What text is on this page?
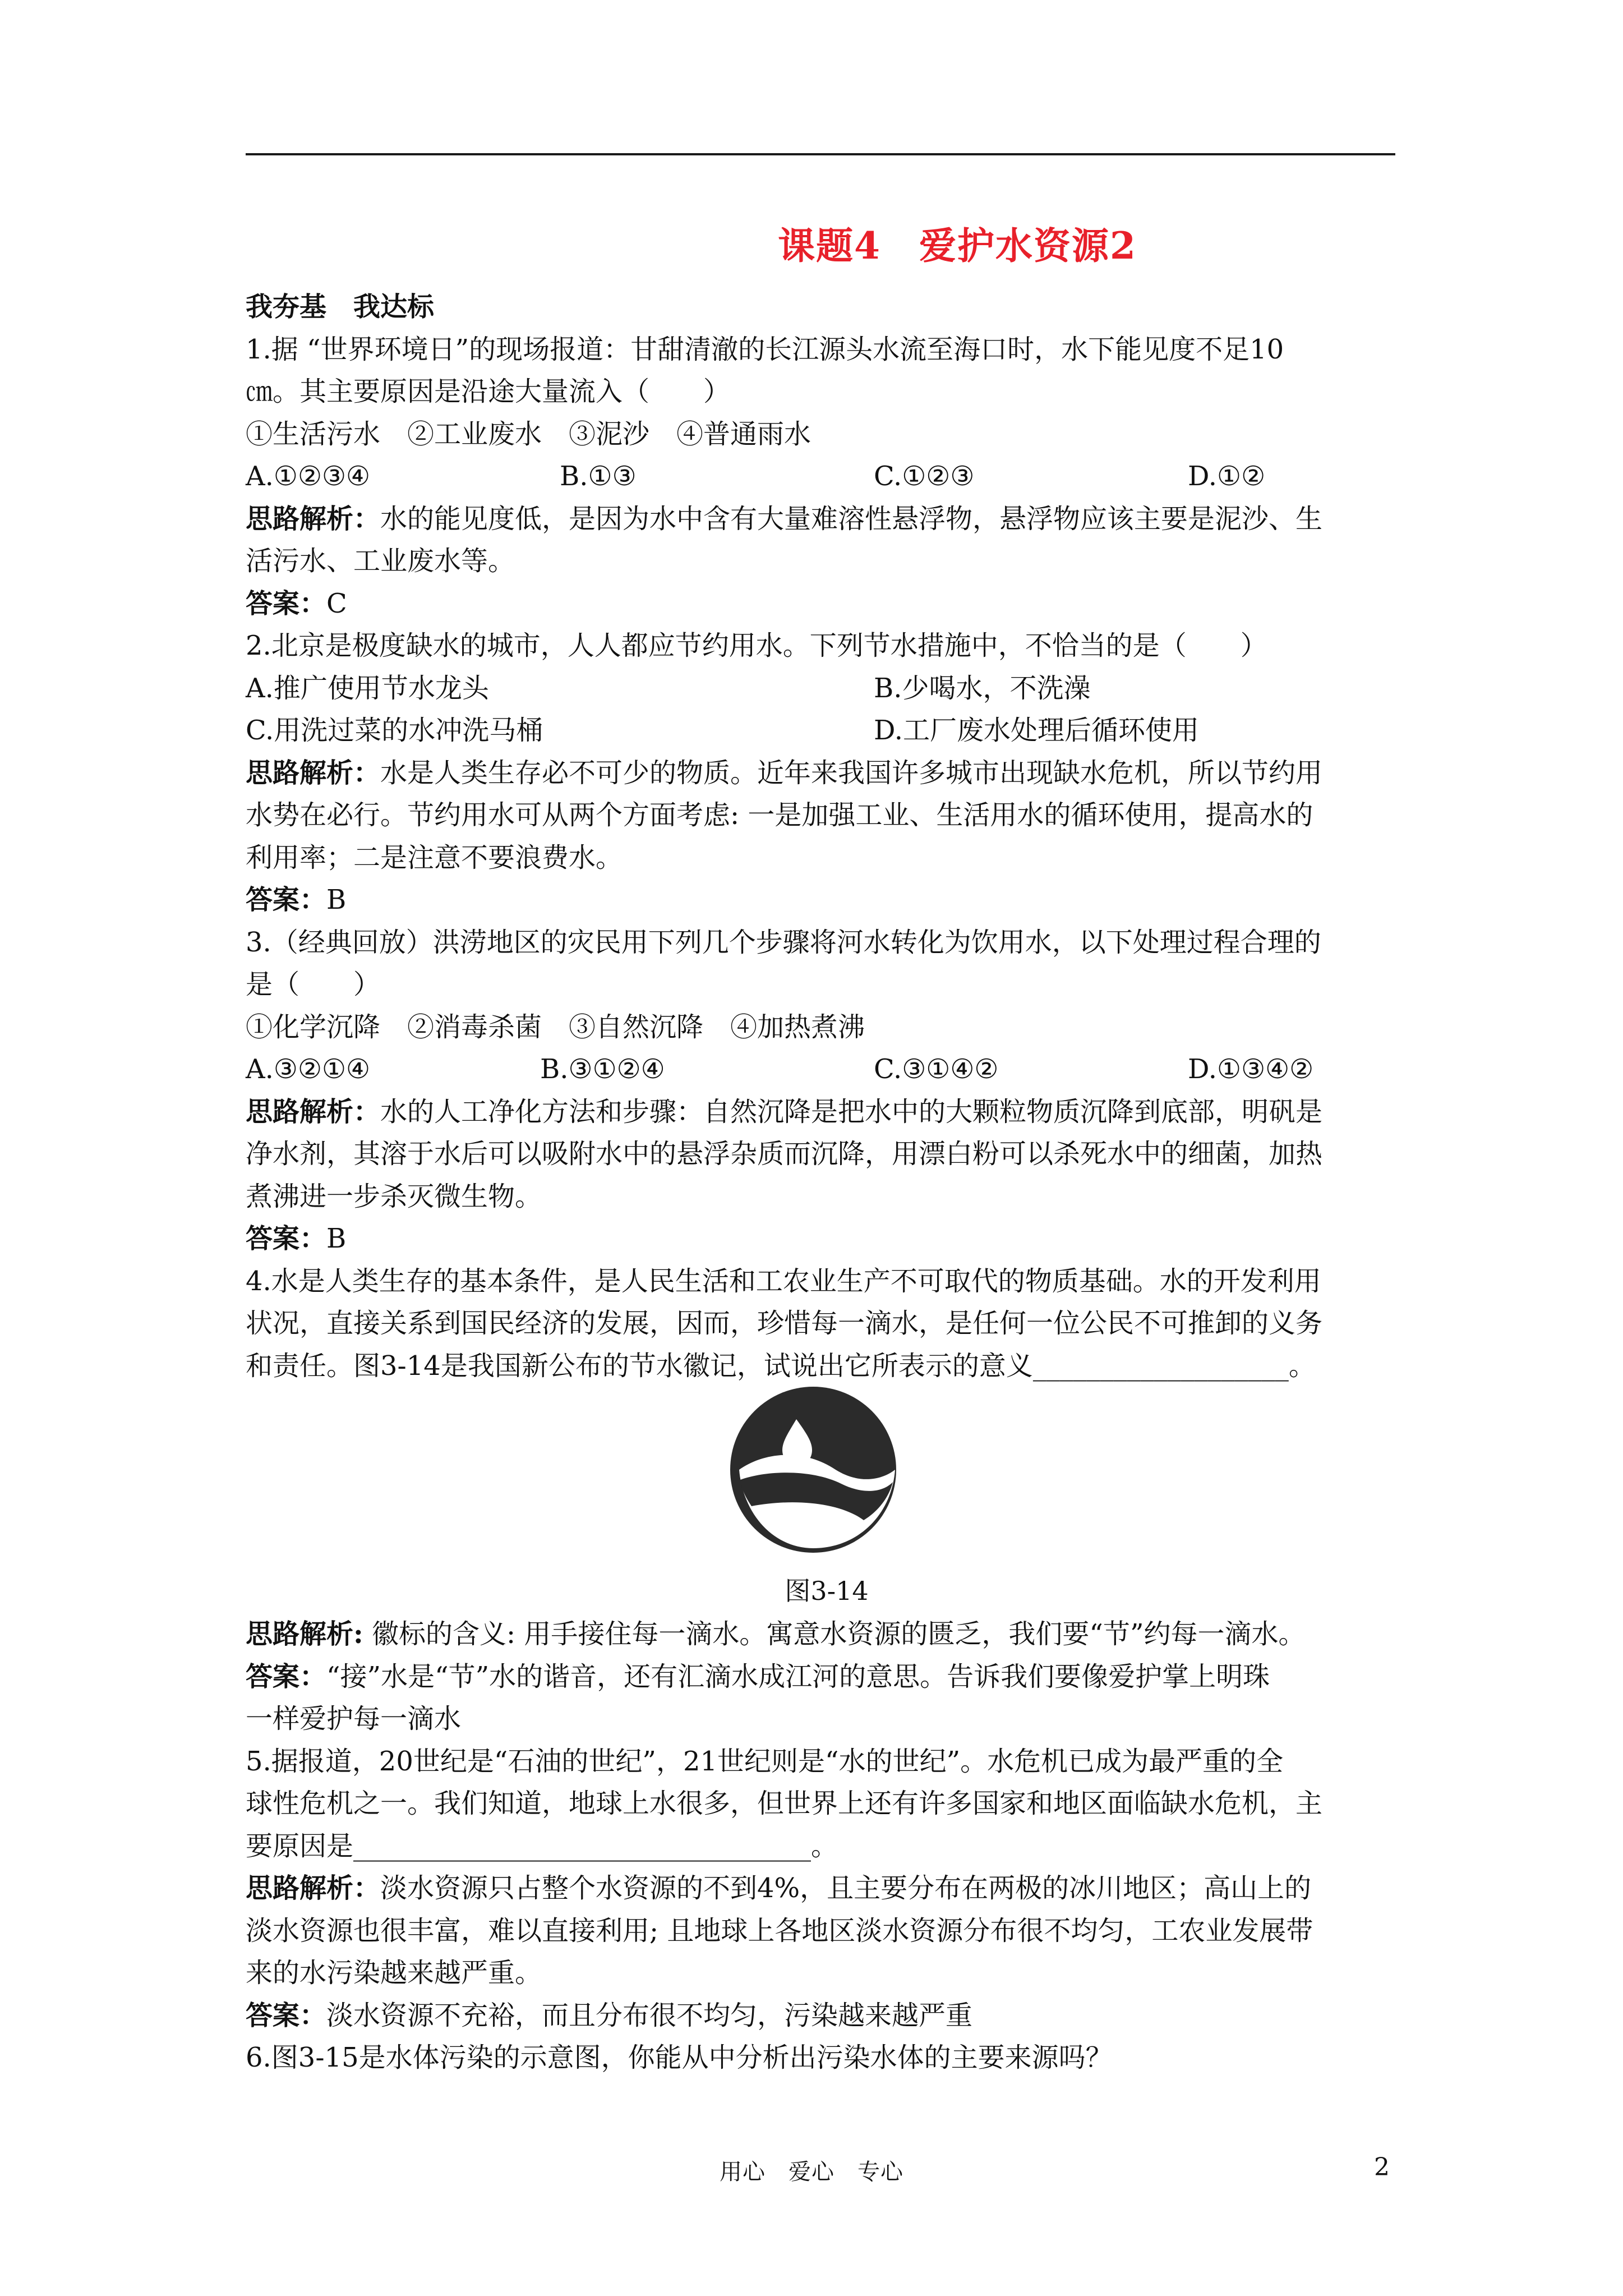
课题4　爱护水资源2
我夯基　我达标
1.据 “世界环境日”的现场报道：甘甜清澈的长江源头水流至海口时，水下能见度不足10
㎝。其主要原因是沿途大量流入（　　）
①生活污水　②工业废水　③泥沙　④普通雨水
A.①②③④	B.①③	C.①②③	D.①②
思路解析：水的能见度低，是因为水中含有大量难溶性悬浮物，悬浮物应该主要是泥沙、生
活污水、工业废水等。
答案：C
2.北京是极度缺水的城市，人人都应节约用水。下列节水措施中，不恰当的是（　　）
A.推广使用节水龙头	B.少喝水，不洗澡
C.用洗过菜的水冲洗马桶	D.工厂废水处理后循环使用
思路解析：水是人类生存必不可少的物质。近年来我国许多城市出现缺水危机，所以节约用
水势在必行。节约用水可从两个方面考虑: 一是加强工业、生活用水的循环使用，提高水的
利用率；二是注意不要浪费水。
答案：B
3.（经典回放）洪涝地区的灾民用下列几个步骤将河水转化为饮用水，以下处理过程合理的
是（　　）
①化学沉降　②消毒杀菌　③自然沉降　④加热煮沸
A.③②①④	B.③①②④	C.③①④②	D.①③④②
思路解析：水的人工净化方法和步骤：自然沉降是把水中的大颗粒物质沉降到底部，明矾是
净水剂，其溶于水后可以吸附水中的悬浮杂质而沉降，用漂白粉可以杀死水中的细菌，加热
煮沸进一步杀灭微生物。
答案：B
4.水是人类生存的基本条件，是人民生活和工农业生产不可取代的物质基础。水的开发利用
状况，直接关系到国民经济的发展，因而，珍惜每一滴水，是任何一位公民不可推卸的义务
和责任。图3-14是我国新公布的节水徽记，试说出它所表示的意义___________________。
图3-14
思路解析: 徽标的含义: 用手接住每一滴水。寓意水资源的匮乏，我们要“节”约每一滴水。
答案：“接”水是“节”水的谐音，还有汇滴水成江河的意思。告诉我们要像爱护掌上明珠
一样爱护每一滴水
5.据报道，20世纪是“石油的世纪”，21世纪则是“水的世纪”。水危机已成为最严重的全
球性危机之一。我们知道，地球上水很多，但世界上还有许多国家和地区面临缺水危机，主
要原因是__________________________________。
思路解析：淡水资源只占整个水资源的不到4%，且主要分布在两极的冰川地区；高山上的
淡水资源也很丰富，难以直接利用; 且地球上各地区淡水资源分布很不均匀，工农业发展带
来的水污染越来越严重。
答案：淡水资源不充裕，而且分布很不均匀，污染越来越严重
6.图3-15是水体污染的示意图，你能从中分析出污染水体的主要来源吗？
用心　爱心　专心	2
